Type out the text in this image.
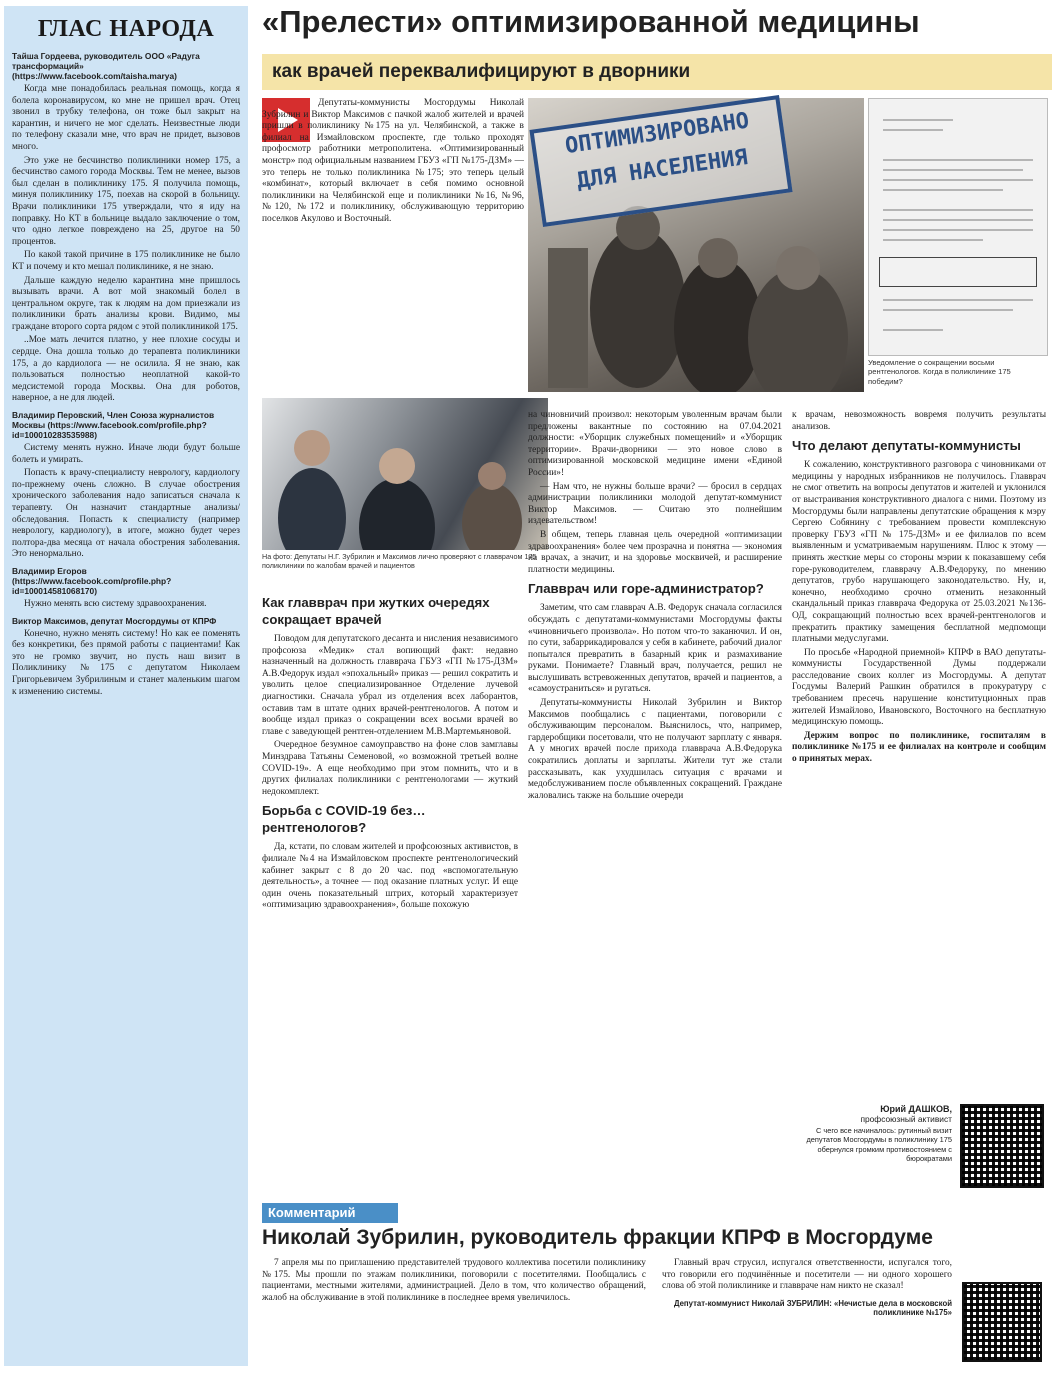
ГЛАС НАРОДА
Тайша Гордеева, руководитель ООО «Радуга трансформаций» (https://www.facebook.com/taisha.marya)

Когда мне понадобилась реальная помощь, когда я болела коронавирусом, ко мне не пришел врач. Отец звонил в трубку телефона, он тоже был закрыт на карантин, и ничего не мог сделать. Неизвестные люди по телефону сказали мне, что врач не придет, вызовов много.

Это уже не бесчинство поликлиники номер 175, а бесчинство самого города Москвы. Тем не менее, вызов был сделан в поликлинику 175. Я получила помощь, минуя поликлинику 175, поехав на скорой в больницу. Врачи поликлиники 175 утверждали, что я иду на поправку. Но КТ в больнице выдало заключение о том, что одно легкое повреждено на 25, другое на 50 процентов.

По какой такой причине в 175 поликлинике не было КТ и почему и кто мешал поликлинике, я не знаю.

Дальше каждую неделю карантина мне пришлось вызывать врачи. А вот мой знакомый болел в центральном округе, так к людям на дом приезжали из поликлиники брать анализы крови. Видимо, мы граждане второго сорта рядом с этой поликлиникой 175.

..Мое мать лечится платно, у нее плохие сосуды и сердце. Она дошла только до терапевта поликлиники 175, а до кардиолога — не осилила. Я не знаю, как пользоваться полностью неоплатной какой-то медсистемой города Москвы. Она для роботов, наверное, а не для людей.

Владимир Перовский, Член Союза журналистов Москвы (https://www.facebook.com/profile.php?id=100010283535988)

Систему менять нужно. Иначе люди будут больше болеть и умирать.

Попасть к врачу-специалисту неврологу, кардиологу по-прежнему очень сложно. В случае обострения хронического заболевания надо записаться сначала к терапевту. Он назначит стандартные анализы/обследования. Попасть к специалисту (например неврологу, кардиологу), в итоге, можно будет через полтора-два месяца от начала обострения заболевания. Это ненормально.

Владимир Егоров (https://www.facebook.com/profile.php?id=100014581068170)

Нужно менять всю систему здравоохранения.

Виктор Максимов, депутат Мосгордумы от КПРФ

Конечно, нужно менять систему! Но как ее поменять без конкретики, без прямой работы с пациентами! Как это не громко звучит, но пусть наш визит в Поликлинику №175 с депутатом Николаем Григорьевичем Зубрилиным и станет маленьким шагом к изменению системы.

«Прелести» оптимизированной медицины
как врачей переквалифицируют в дворники

Депутаты-коммунисты Мосгордумы Николай Зубрилин и Виктор Максимов с пачкой жалоб жителей и врачей пришли в поликлинику №175 на ул. Челябинской, а также в филиал на Измайловском проспекте, где только проходят профосмотр работники метрополитена. «Оптимизированный монстр» под официальным названием ГБУЗ «ГП №175-ДЗМ» — это теперь не только поликлиника №175; это теперь целый «комбинат», который включает в себя помимо основной поликлиники на Челябинской еще и поликлиники №16, №96, №120, №172 и поликлинику, обслуживающую территорию поселков Акулово и Восточный.

ОПТИМИЗИРОВАНО
ДЛЯ НАСЕЛЕНИЯ
Уведомление о сокращении восьми рентгенологов. Когда в поликлинике 175 победим?
На фото: Депутаты Н.Г. Зубрилин и Максимов лично проверяют с главврачом 175 поликлиники по жалобам врачей и пациентов
Как главврач при жутких очередях сокращает врачей

Поводом для депутатского десанта и нисления независимого профсоюза «Медик» стал вопиющий факт: недавно назначенный на должность главврача ГБУЗ «ГП №175-ДЗМ» А.В.Федорук издал «эпохальный» приказ — решил сократить и уволить целое специализированное Отделение лучевой диагностики. Сначала убрал из отделения всех лаборантов, оставив там в штате одних врачей-рентгенологов. А потом и вообще издал приказ о сокращении всех восьми врачей во главе с заведующей рентген-отделением М.В.Мартемьяновой.

Очередное безумное самоуправство на фоне слов замглавы Минздрава Татьяны Семеновой, «о возможной третьей волне COVID-19». А еще необходимо при этом помнить, что и в других филиалах поликлиники с рентгенологами — жуткий недокомплект.

Борьба с COVID-19 без… рентгенологов?

Да, кстати, по словам жителей и профсоюзных активистов, в филиале №4 на Измайловском проспекте рентгенологический кабинет закрыт с 8 до 20 час. под «вспомогательную деятельность», а точнее — под оказание платных услуг. И еще один очень показательный штрих, который характеризует «оптимизацию здравоохранения», больше похожую

на чиновничий произвол: некоторым уволенным врачам были предложены вакантные по состоянию на 07.04.2021 должности: «Уборщик служебных помещений» и «Уборщик территории». Врачи-дворники — это новое слово в оптимизированной московской медицине имени «Единой России»!

— Нам что, не нужны больше врачи? — бросил в сердцах администрации поликлиники молодой депутат-коммунист Виктор Максимов. — Считаю это полнейшим издевательством!

В общем, теперь главная цель очередной «оптимизации здравоохранения» более чем прозрачна и понятна — экономия на врачах, а значит, и на здоровье москвичей, и расширение платности медицины.

Главврач или горе-администратор?

Заметим, что сам главврач А.В. Федорук сначала согласился обсуждать с депутатами-коммунистами Мосгордумы факты «чиновничьего произвола». Но потом что-то заканючил. И он, по сути, забаррикадировался у себя в кабинете, рабочий диалог попытался превратить в базарный крик и размахивание руками. Понимаете? Главный врач, получается, решил не выслушивать встревоженных депутатов, врачей и пациентов, а «самоустраниться» и ругаться.

Депутаты-коммунисты Николай Зубрилин и Виктор Максимов пообщались с пациентами, поговорили с обслуживающим персоналом. Выяснилось, что, например, гардеробщики посетовали, что не получают зарплату с января. А у многих врачей после прихода главврача А.В.Федорука сократились доплаты и зарплаты. Жители тут же стали рассказывать, как ухудшилась ситуация с врачами и медобслуживанием после объявленных сокращений. Граждане жаловались также на большие очереди

к врачам, невозможность вовремя получить результаты анализов.

Что делают депутаты-коммунисты

К сожалению, конструктивного разговора с чиновниками от медицины у народных избранников не получилось. Главврач не смог ответить на вопросы депутатов и жителей и уклонился от выстраивания конструктивного диалога с ними. Поэтому из Мосгордумы были направлены депутатские обращения к мэру Сергею Собянину с требованием провести комплексную проверку ГБУЗ «ГП № 175-ДЗМ» и ее филиалов по всем выявленным и усматриваемым нарушениям. Плюс к этому — принять жесткие меры со стороны мэрии к показавшему себя горе-руководителем, главврачу А.В.Федоруку, по мнению депутатов, грубо нарушающего законодательство. Ну, и, конечно, необходимо срочно отменить незаконный скандальный приказ главврача Федорука от 25.03.2021 №136-ОД, сокращающий полностью всех врачей-рентгенологов и прекратить практику замещения бесплатной медпомощи платными медуслугами.

По просьбе «Народной приемной» КПРФ в ВАО депутаты-коммунисты Государственной Думы поддержали расследование своих коллег из Мосгордумы. А депутат Госдумы Валерий Рашкин обратился в прокуратуру с требованием пресечь нарушение конституционных прав жителей Измайлово, Ивановского, Восточного на бесплатную медицинскую помощь.

Держим вопрос по поликлинике, госпиталям в поликлинике №175 и ее филиалах на контроле и сообщим о принятых мерах.

Юрий ДАШКОВ,
профсоюзный активист
С чего все начиналось: рутинный визит депутатов Мосгордумы в поликлинику 175 обернулся громким противостоянием с бюрократами
Комментарий
Николай Зубрилин, руководитель фракции КПРФ в Мосгордуме

7 апреля мы по приглашению представителей трудового коллектива посетили поликлинику №175. Мы прошли по этажам поликлиники, поговорили с посетителями. Пообщались с пациентами, местными жителями, администрацией. Дело в том, что количество обращений, жалоб на обслуживание в этой поликлинике в последнее время увеличилось.

Главный врач струсил, испугался ответственности, испугался того, что говорили его подчинённые и посетители — ни одного хорошего слова об этой поликлинике и главвраче нам никто не сказал!

Депутат-коммунист Николай ЗУБРИЛИН: «Нечистые дела в московской поликлинике №175»
